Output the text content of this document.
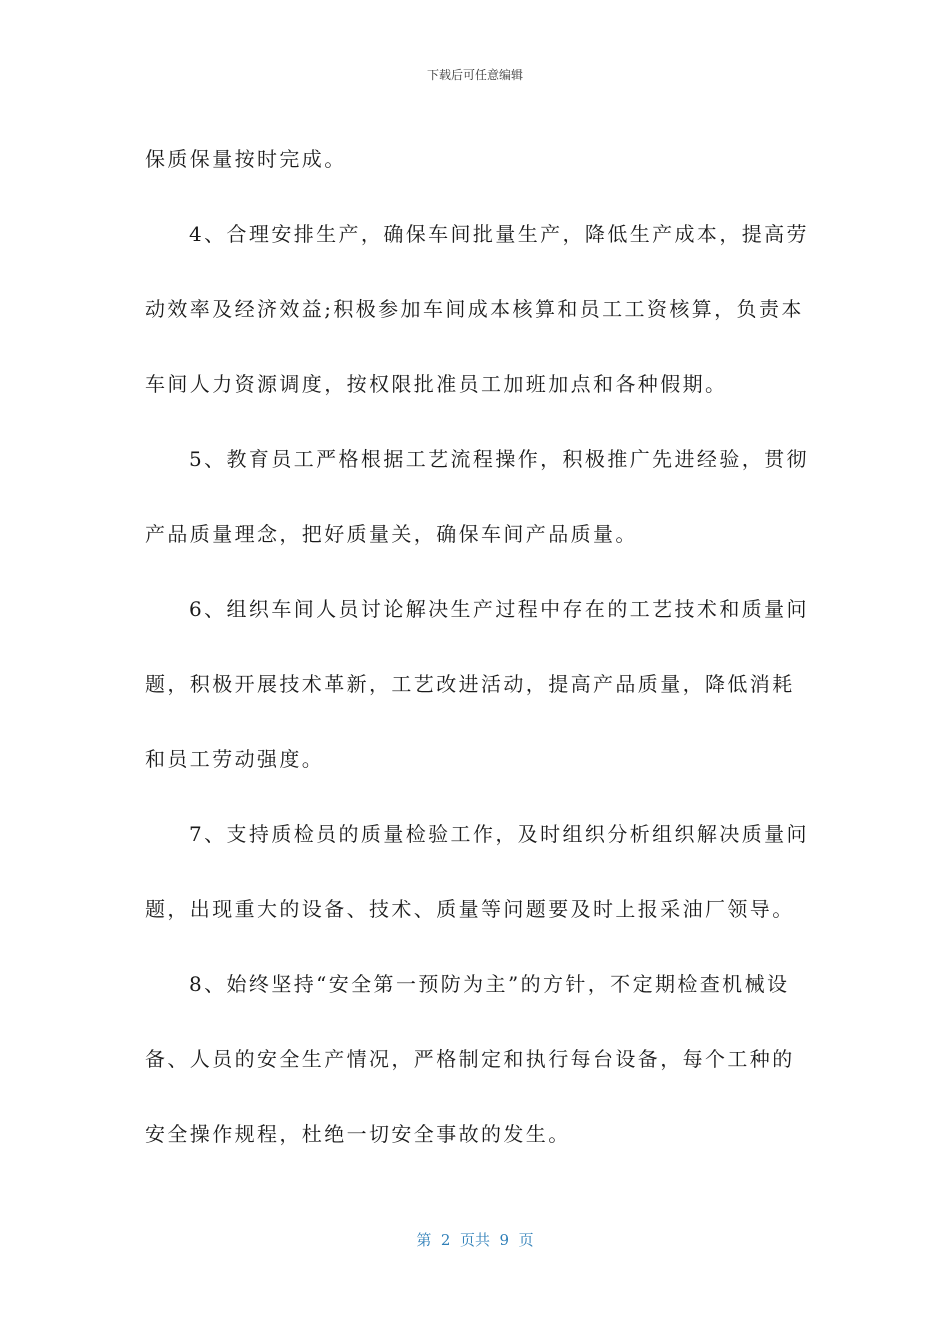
下载后可任意编辑
保质保量按时完成。
4、合理安排生产，确保车间批量生产，降低生产成本，提高劳
动效率及经济效益;积极参加车间成本核算和员工工资核算，负责本
车间人力资源调度，按权限批准员工加班加点和各种假期。
5、教育员工严格根据工艺流程操作，积极推广先进经验，贯彻
产品质量理念，把好质量关，确保车间产品质量。
6、组织车间人员讨论解决生产过程中存在的工艺技术和质量问
题，积极开展技术革新，工艺改进活动，提高产品质量，降低消耗
和员工劳动强度。
7、支持质检员的质量检验工作，及时组织分析组织解决质量问
题，出现重大的设备、技术、质量等问题要及时上报采油厂领导。
8、始终坚持“安全第一预防为主”的方针，不定期检查机械设
备、人员的安全生产情况，严格制定和执行每台设备，每个工种的
安全操作规程，杜绝一切安全事故的发生。
第  2  页共  9  页
